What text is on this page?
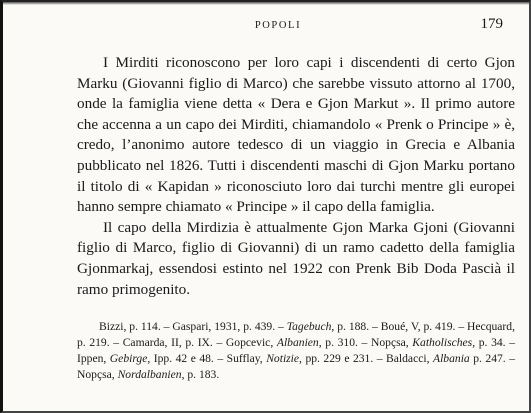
POPOLI	179

I Mirditi riconoscono per loro capi i discendenti di certo Gjon Marku (Giovanni figlio di Marco) che sarebbe vissuto attorno al 1700, onde la famiglia viene detta « Dera e Gjon Markut ». Il primo autore che accenna a un capo dei Mirditi, chiamandolo « Prenk o Principe » è, credo, l’anonimo autore tedesco di un viaggio in Grecia e Albania pubblicato nel 1826. Tutti i discendenti maschi di Gjon Marku portano il titolo di « Kapidan » riconosciuto loro dai turchi mentre gli europei hanno sempre chiamato « Principe » il capo della famiglia.

Il capo della Mirdizia è attualmente Gjon Marka Gjoni (Giovanni figlio di Marco, figlio di Giovanni) di un ramo cadetto della famiglia Gjonmarkaj, essendosi estinto nel 1922 con Prenk Bib Doda Pascià il ramo primogenito.

Bizzi, p. 114. – Gaspari, 1931, p. 439. – Tagebuch, p. 188. – Boué, V, p. 419. – Hecquard, p. 219. – Camarda, II, p. IX. – Gopcevic, Albanien, p. 310. – Nopçsa, Katholisches, p. 34. – Ippen, Gebirge, Ipp. 42 e 48. – Sufflay, Notizie, pp. 229 e 231. – Baldacci, Albania p. 247. – Nopçsa, Nordalbanien, p. 183.
